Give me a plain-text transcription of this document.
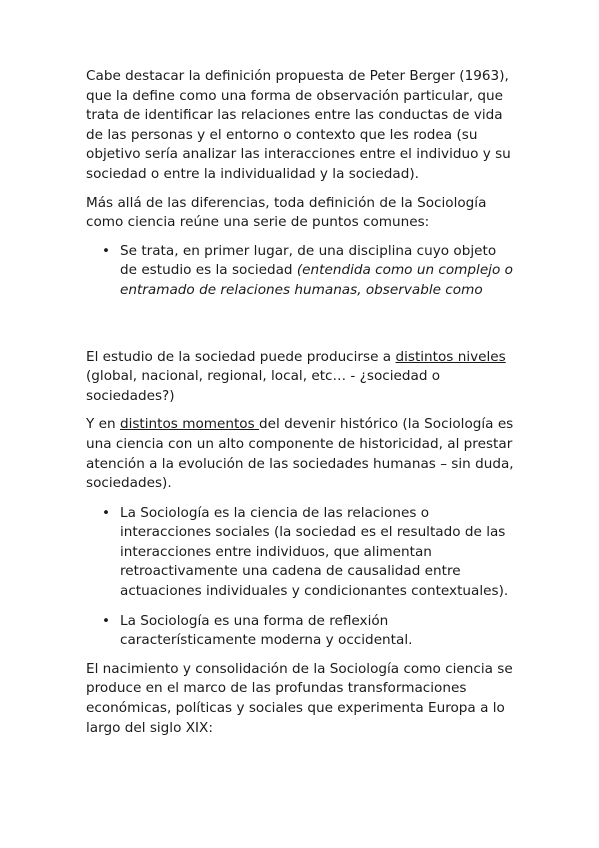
Cabe destacar la definición propuesta de Peter Berger (1963), que la define como una forma de observación particular, que trata de identificar las relaciones entre las conductas de vida de las personas y el entorno o contexto que les rodea (su objetivo sería analizar las interacciones entre el individuo y su sociedad o entre la individualidad y la sociedad).

Más allá de las diferencias, toda definición de la Sociología como ciencia reúne una serie de puntos comunes:

• Se trata, en primer lugar, de una disciplina cuyo objeto de estudio es la sociedad (entendida como un complejo o entramado de relaciones humanas, observable como

El estudio de la sociedad puede producirse a distintos niveles (global, nacional, regional, local, etc… - ¿sociedad o sociedades?)

Y en distintos momentos del devenir histórico (la Sociología es una ciencia con un alto componente de historicidad, al prestar atención a la evolución de las sociedades humanas – sin duda, sociedades).

• La Sociología es la ciencia de las relaciones o interacciones sociales (la sociedad es el resultado de las interacciones entre individuos, que alimentan retroactivamente una cadena de causalidad entre actuaciones individuales y condicionantes contextuales).
• La Sociología es una forma de reflexión característicamente moderna y occidental.

El nacimiento y consolidación de la Sociología como ciencia se produce en el marco de las profundas transformaciones económicas, políticas y sociales que experimenta Europa a lo largo del siglo XIX:
